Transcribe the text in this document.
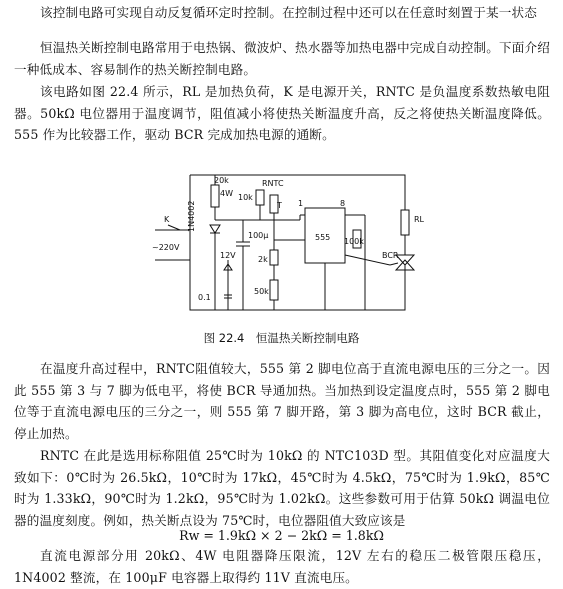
该控制电路可实现自动反复循环定时控制。在控制过程中还可以在任意时刻置于某一状态
恒温热关断控制电路常用于电热锅、微波炉、热水器等加热电器中完成自动控制。下面介绍一种低成本、容易制作的热关断控制电路。
该电路如图 22.4 所示，RL 是加热负荷，K 是电源开关，RNTC 是负温度系数热敏电阻器。50kΩ 电位器用于温度调节，阻值减小将使热关断温度升高，反之将使热关断温度降低。555 作为比较器工作，驱动 BCR 完成加热电源的通断。
20k
4W
1N4002
K
~220V
10k
RNTC
T
100μ
12V	2k
50k
0.1
555
1	8
100k
RL
BCR
图 22.4　恒温热关断控制电路
在温度升高过程中，RNTC阻值较大，555 第 2 脚电位高于直流电源电压的三分之一。因此 555 第 3 与 7 脚为低电平，将使 BCR 导通加热。当加热到设定温度点时，555 第 2 脚电位等于直流电源电压的三分之一，则 555 第 7 脚开路，第 3 脚为高电位，这时 BCR 截止，停止加热。
RNTC 在此是选用标称阻值 25℃时为 10kΩ 的 NTC103D 型。其阻值变化对应温度大致如下：0℃时为 26.5kΩ，10℃时为 17kΩ，45℃时为 4.5kΩ，75℃时为 1.9kΩ，85℃时为 1.33kΩ，90℃时为 1.2kΩ，95℃时为 1.02kΩ。这些参数可用于估算 50kΩ 调温电位器的温度刻度。例如，热关断点设为 75℃时，电位器阻值大致应该是
Rw = 1.9kΩ × 2 − 2kΩ = 1.8kΩ
直流电源部分用 20kΩ、4W 电阻器降压限流，12V 左右的稳压二极管限压稳压，1N4002 整流，在 100μF 电容器上取得约 11V 直流电压。
